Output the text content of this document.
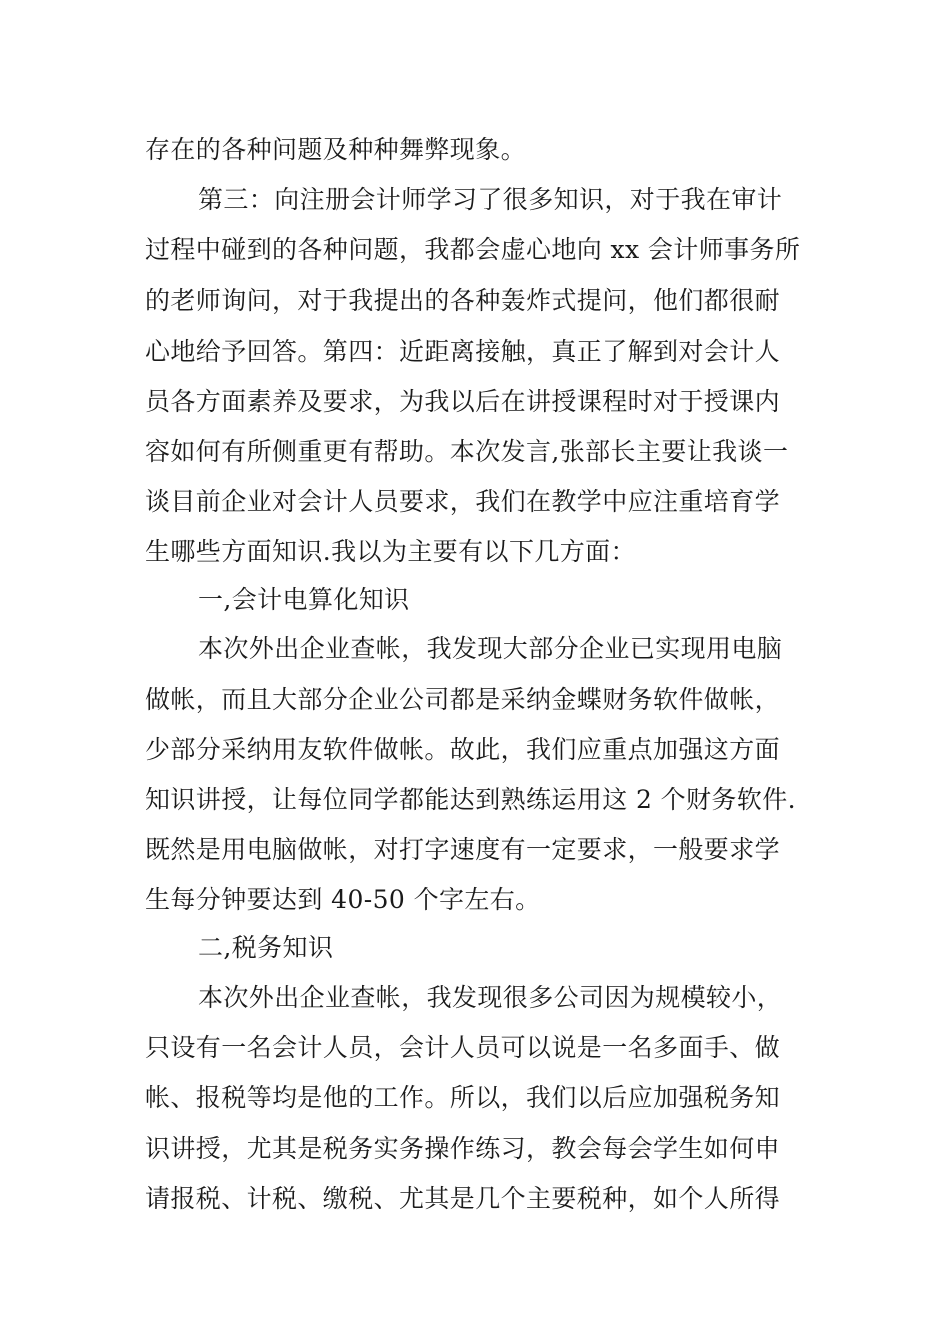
存在的各种问题及种种舞弊现象。
第三：向注册会计师学习了很多知识，对于我在审计
过程中碰到的各种问题，我都会虚心地向 xx 会计师事务所
的老师询问，对于我提出的各种轰炸式提问，他们都很耐
心地给予回答。第四：近距离接触，真正了解到对会计人
员各方面素养及要求，为我以后在讲授课程时对于授课内
容如何有所侧重更有帮助。本次发言,张部长主要让我谈一
谈目前企业对会计人员要求，我们在教学中应注重培育学
生哪些方面知识.我以为主要有以下几方面：
一,会计电算化知识
本次外出企业查帐，我发现大部分企业已实现用电脑
做帐，而且大部分企业公司都是采纳金蝶财务软件做帐，
少部分采纳用友软件做帐。故此，我们应重点加强这方面
知识讲授，让每位同学都能达到熟练运用这 2 个财务软件.
既然是用电脑做帐，对打字速度有一定要求，一般要求学
生每分钟要达到 40-50 个字左右。
二,税务知识
本次外出企业查帐，我发现很多公司因为规模较小，
只设有一名会计人员，会计人员可以说是一名多面手、做
帐、报税等均是他的工作。所以，我们以后应加强税务知
识讲授，尤其是税务实务操作练习，教会每会学生如何申
请报税、计税、缴税、尤其是几个主要税种，如个人所得
